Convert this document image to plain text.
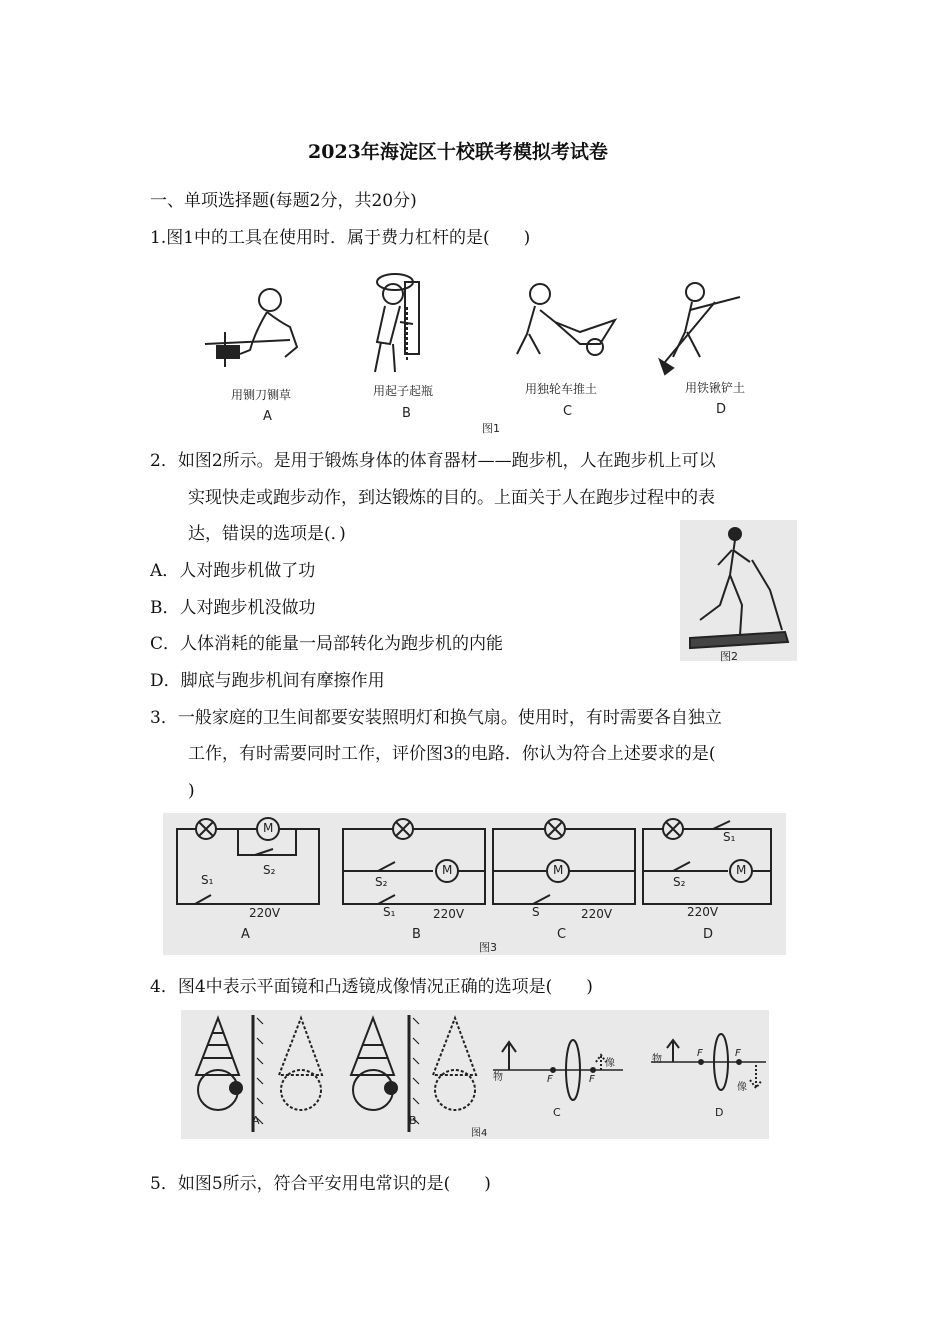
2023年海淀区十校联考模拟考试卷
一、单项选择题(每题2分，共20分)
1.图1中的工具在使用时．属于费力杠杆的是(　　)
用铡刀铡草	用起子起瓶	用独轮车推土	用铁锹铲土
A	B	C	D
图1
2．如图2所示。是用于锻炼身体的体育器材——跑步机，人在跑步机上可以
实现快走或跑步动作，到达锻炼的目的。上面关于人在跑步过程中的表
达，错误的选项是(．)
A．人对跑步机做了功
B．人对跑步机没做功
C．人体消耗的能量一局部转化为跑步机的内能
D．脚底与跑步机间有摩擦作用
图2
3．一般家庭的卫生间都要安装照明灯和换气扇。使用时，有时需要各自独立
工作，有时需要同时工作，评价图3的电路．你认为符合上述要求的是(
)
M
S₂
S₁
220V
A
M
S₂
S₁	220V
B
M
S	220V
C
M
S₁
S₂
220V
D
图3
4．图4中表示平面镜和凸透镜成像情况正确的选项是(　　)
A	B
C	D
物
像
F	F
物
像
F	F
图4
5．如图5所示，符合平安用电常识的是(　　)
